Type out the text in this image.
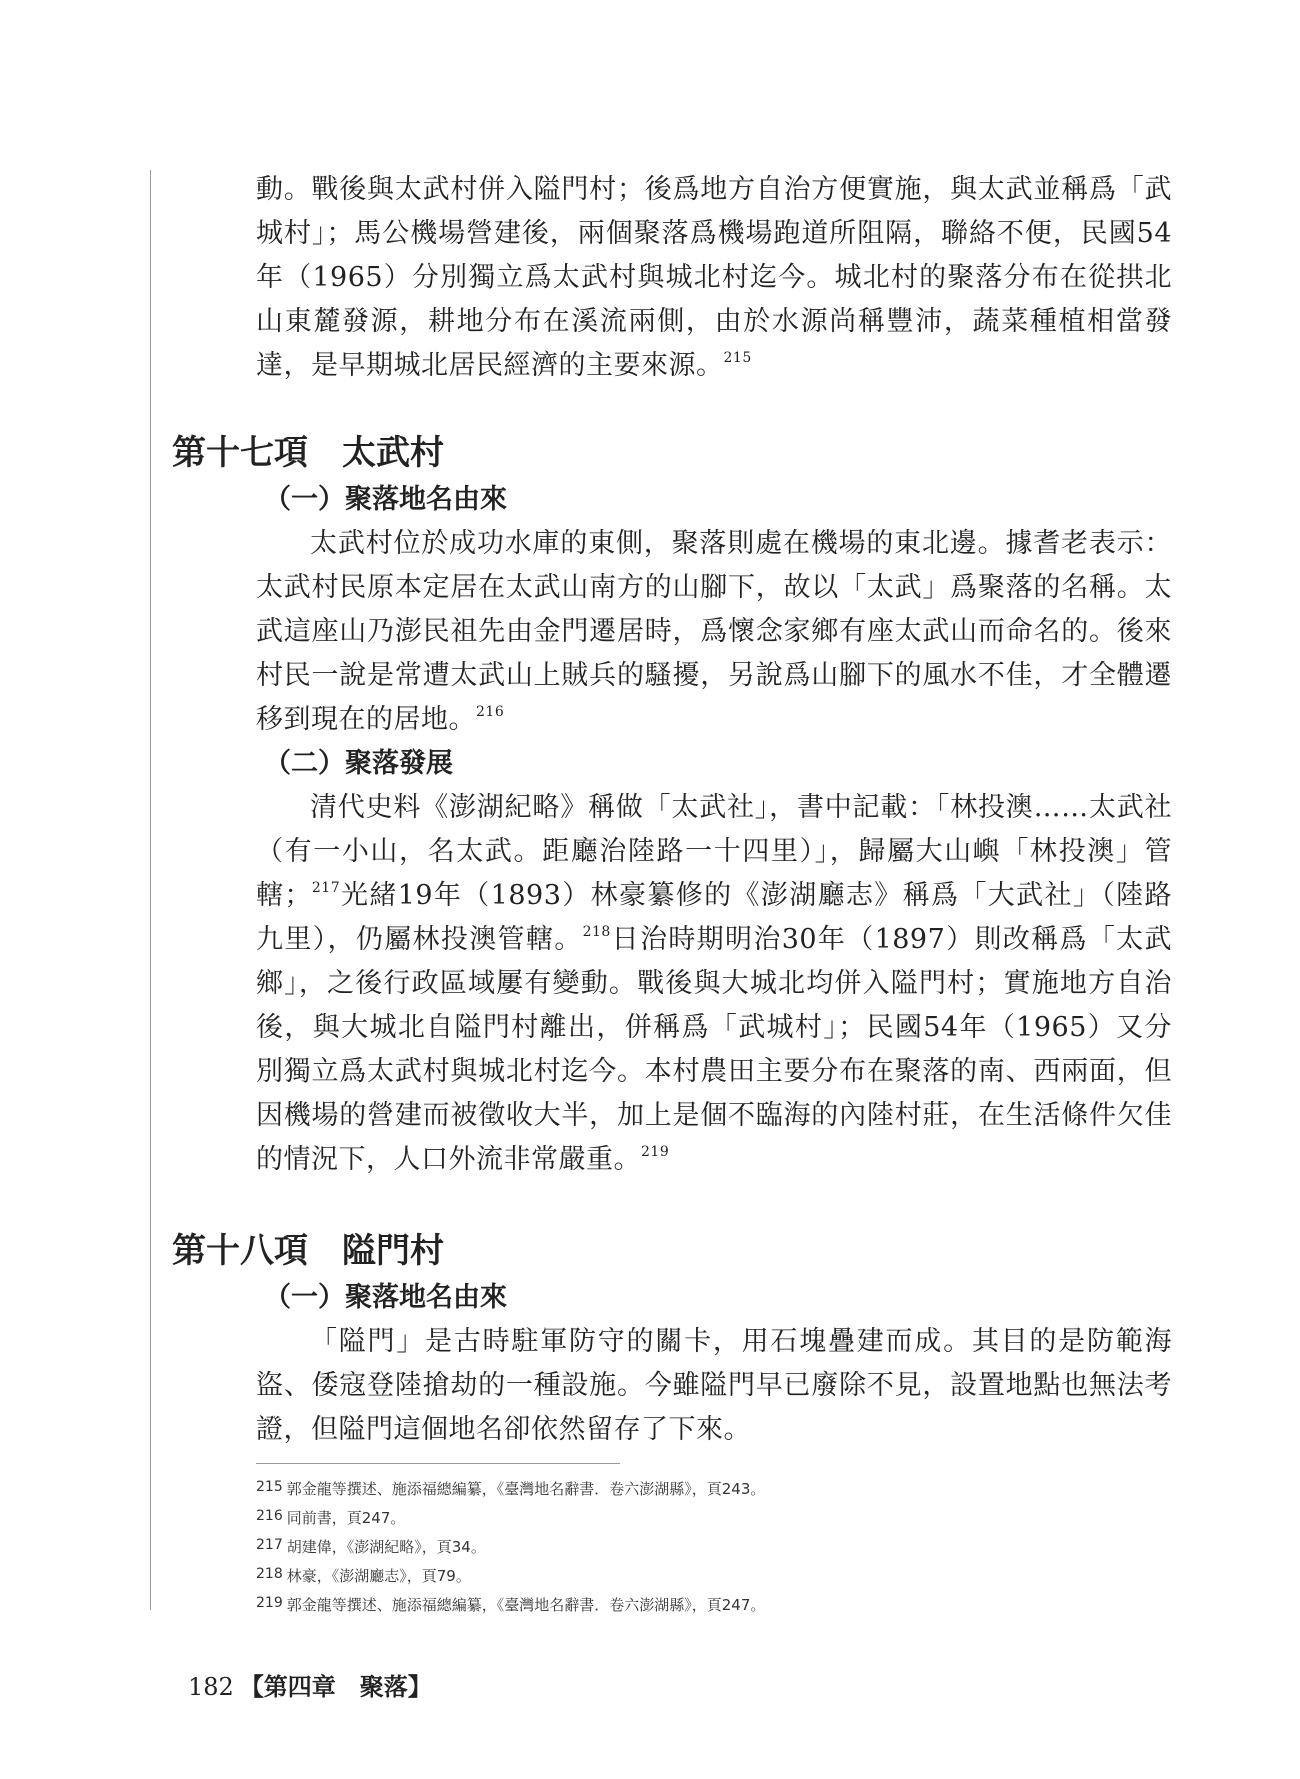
動。戰後與太武村併入隘門村；後爲地方自治方便實施，與太武並稱爲「武城村」；馬公機場營建後，兩個聚落爲機場跑道所阻隔，聯絡不便，民國54年（1965）分別獨立爲太武村與城北村迄今。城北村的聚落分布在從拱北山東麓發源，耕地分布在溪流兩側，由於水源尚稱豐沛，蔬菜種植相當發達，是早期城北居民經濟的主要來源。$^{215}$

第十七項　太武村
（一）聚落地名由來

太武村位於成功水庫的東側，聚落則處在機場的東北邊。據耆老表示：太武村民原本定居在太武山南方的山腳下，故以「太武」爲聚落的名稱。太武這座山乃澎民祖先由金門遷居時，爲懷念家鄉有座太武山而命名的。後來村民一說是常遭太武山上賊兵的騷擾，另說爲山腳下的風水不佳，才全體遷移到現在的居地。$^{216}$

（二）聚落發展

清代史料《澎湖紀略》稱做「太武社」，書中記載：「林投澳……太武社（有一小山，名太武。距廳治陸路一十四里）」，歸屬大山嶼「林投澳」管轄；$^{217}$光緒19年（1893）林豪纂修的《澎湖廳志》稱爲「大武社」（陸路九里），仍屬林投澳管轄。$^{218}$日治時期明治30年（1897）則改稱爲「太武鄉」，之後行政區域屢有變動。戰後與大城北均併入隘門村；實施地方自治後，與大城北自隘門村離出，併稱爲「武城村」；民國54年（1965）又分別獨立爲太武村與城北村迄今。本村農田主要分布在聚落的南、西兩面，但因機場的營建而被徵收大半，加上是個不臨海的內陸村莊，在生活條件欠佳的情況下，人口外流非常嚴重。$^{219}$

第十八項　隘門村
（一）聚落地名由來

「隘門」是古時駐軍防守的關卡，用石塊疊建而成。其目的是防範海盜、倭寇登陸搶劫的一種設施。今雖隘門早已廢除不見，設置地點也無法考證，但隘門這個地名卻依然留存了下來。

215 郭金龍等撰述、施添福總編纂，《臺灣地名辭書．卷六澎湖縣》，頁243。
216 同前書，頁247。
217 胡建偉，《澎湖紀略》，頁34。
218 林豪，《澎湖廳志》，頁79。
219 郭金龍等撰述、施添福總編纂，《臺灣地名辭書．卷六澎湖縣》，頁247。
182 【第四章　聚落】
